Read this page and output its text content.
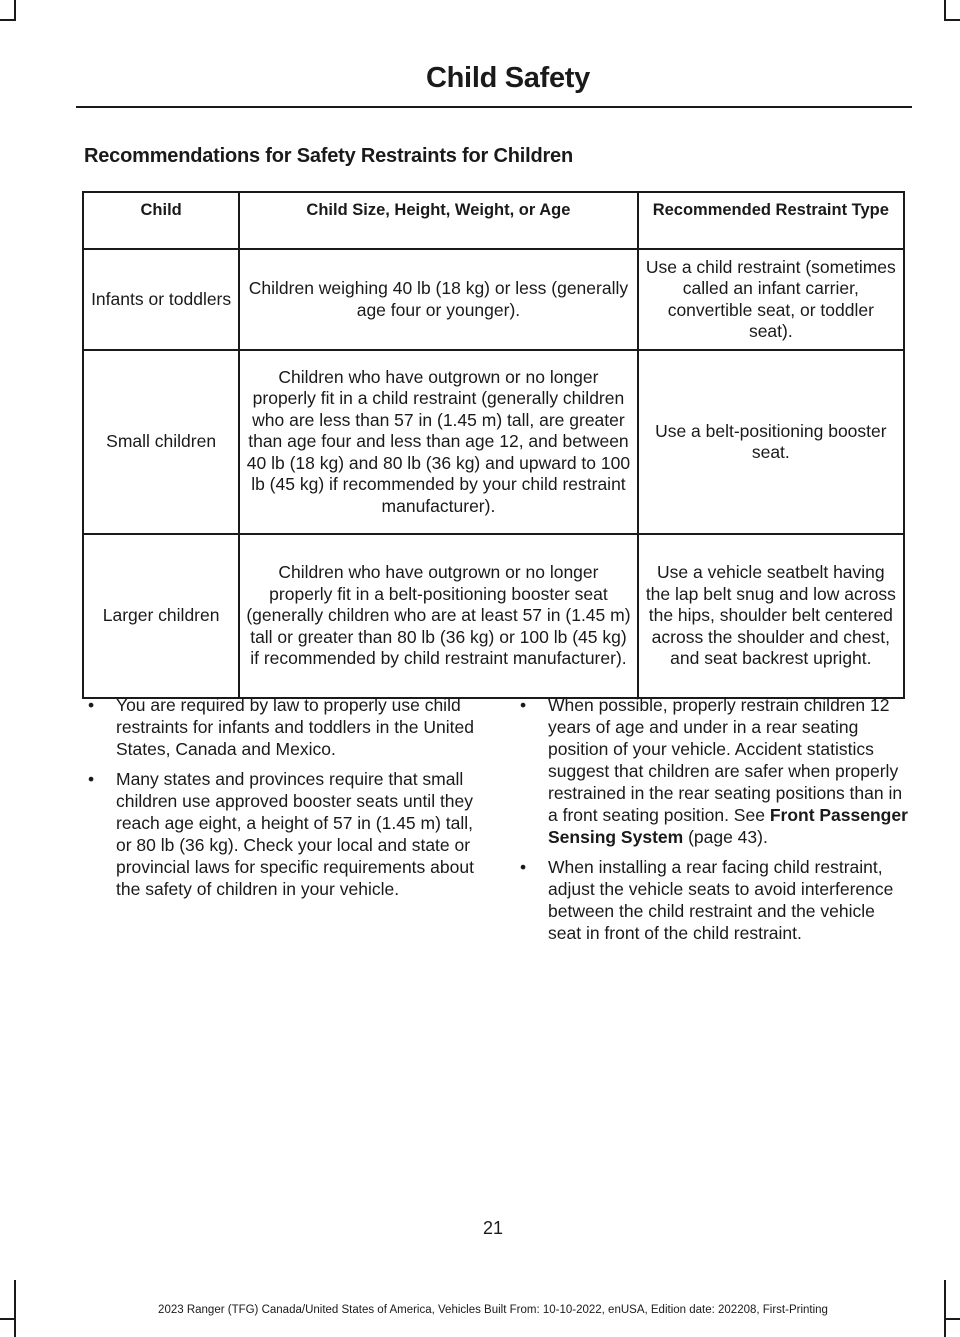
Child Safety
Recommendations for Safety Restraints for Children
Child	Child Size, Height, Weight, or Age	Recommended Restraint Type
Infants or toddlers	Children weighing 40 lb (18 kg) or less (generally age four or younger).	Use a child restraint (sometimes called an infant carrier, convertible seat, or toddler seat).
Small children	Children who have outgrown or no longer properly fit in a child restraint (generally children who are less than 57 in (1.45 m) tall, are greater than age four and less than age 12, and between 40 lb (18 kg) and 80 lb (36 kg) and upward to 100 lb (45 kg) if recommended by your child restraint manufacturer).	Use a belt-positioning booster seat.
Larger children	Children who have outgrown or no longer properly fit in a belt-positioning booster seat (generally children who are at least 57 in (1.45 m) tall or greater than 80 lb (36 kg) or 100 lb (45 kg) if recommended by child restraint manufacturer).	Use a vehicle seatbelt having the lap belt snug and low across the hips, shoulder belt centered across the shoulder and chest, and seat backrest upright.
• You are required by law to properly use child restraints for infants and toddlers in the United States, Canada and Mexico.
• Many states and provinces require that small children use approved booster seats until they reach age eight, a height of 57 in (1.45 m) tall, or 80 lb (36 kg). Check your local and state or provincial laws for specific requirements about the safety of children in your vehicle.
• When possible, properly restrain children 12 years of age and under in a rear seating position of your vehicle. Accident statistics suggest that children are safer when properly restrained in the rear seating positions than in a front seating position. See Front Passenger Sensing System (page 43).
• When installing a rear facing child restraint, adjust the vehicle seats to avoid interference between the child restraint and the vehicle seat in front of the child restraint.
21
2023 Ranger (TFG) Canada/United States of America, Vehicles Built From: 10-10-2022, enUSA, Edition date: 202208, First-Printing
